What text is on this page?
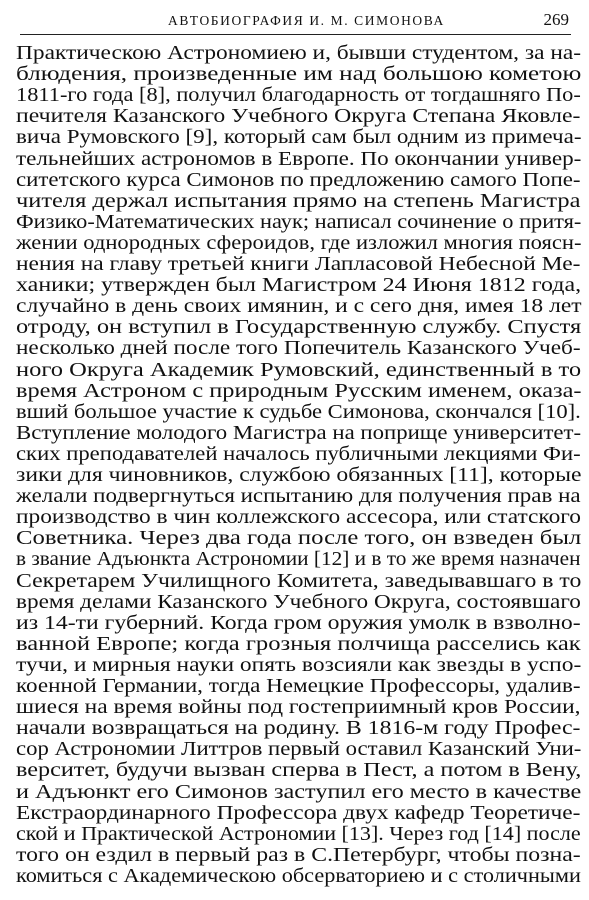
АВТОБИОГРАФИЯ И. М. СИМОНОВА	269
Практическою Астрономиею и, бывши студентом, за на-
блюдения, произведенные им над большою кометою
1811-го года [8], получил благодарность от тогдашняго По-
печителя Казанского Учебного Округа Степана Яковле-
вича Румовского [9], который сам был одним из примеча-
тельнейших астрономов в Европе. По окончании универ-
ситетского курса Симонов по предложению самого Попе-
чителя держал испытания прямо на степень Магистра
Физико-Математических наук; написал сочинение о притя-
жении однородных сфероидов, где изложил многия поясн-
нения на главу третьей книги Лапласовой Небесной Ме-
ханики; утвержден был Магистром 24 Июня 1812 года,
случайно в день своих имянин, и с сего дня, имея 18 лет
отроду, он вступил в Государственную службу. Спустя
несколько дней после того Попечитель Казанского Учеб-
ного Округа Академик Румовский, единственный в то
время Астроном с природным Русским именем, оказа-
вший большое участие к судьбе Симонова, скончался [10].
Вступление молодого Магистра на поприще университет-
ских преподавателей началось публичными лекциями Фи-
зики для чиновников, службою обязанных [11], которые
желали подвергнуться испытанию для получения прав на
производство в чин коллежского ассесора, или статского
Советника. Через два года после того, он взведен был
в звание Адъюнкта Астрономии [12] и в то же время назначен
Секретарем Училищного Комитета, заведывавшаго в то
время делами Казанского Учебного Округа, состоявшаго
из 14-ти губерний. Когда гром оружия умолк в взволно-
ванной Европе; когда грозныя полчища расселись как
тучи, и мирныя науки опять возсияли как звезды в успо-
коенной Германии, тогда Немецкие Профессоры, удалив-
шиеся на время войны под гостеприимный кров России,
начали возвращаться на родину. В 1816-м году Профес-
сор Астрономии Литтров первый оставил Казанский Уни-
верситет, будучи вызван сперва в Пест, а потом в Вену,
и Адъюнкт его Симонов заступил его место в качестве
Екстраординарного Профессора двух кафедр Теоретиче-
ской и Практической Астрономии [13]. Через год [14] после
того он ездил в первый раз в С.Петербург, чтобы позна-
комиться с Академическою обсерваториею и с столичными
